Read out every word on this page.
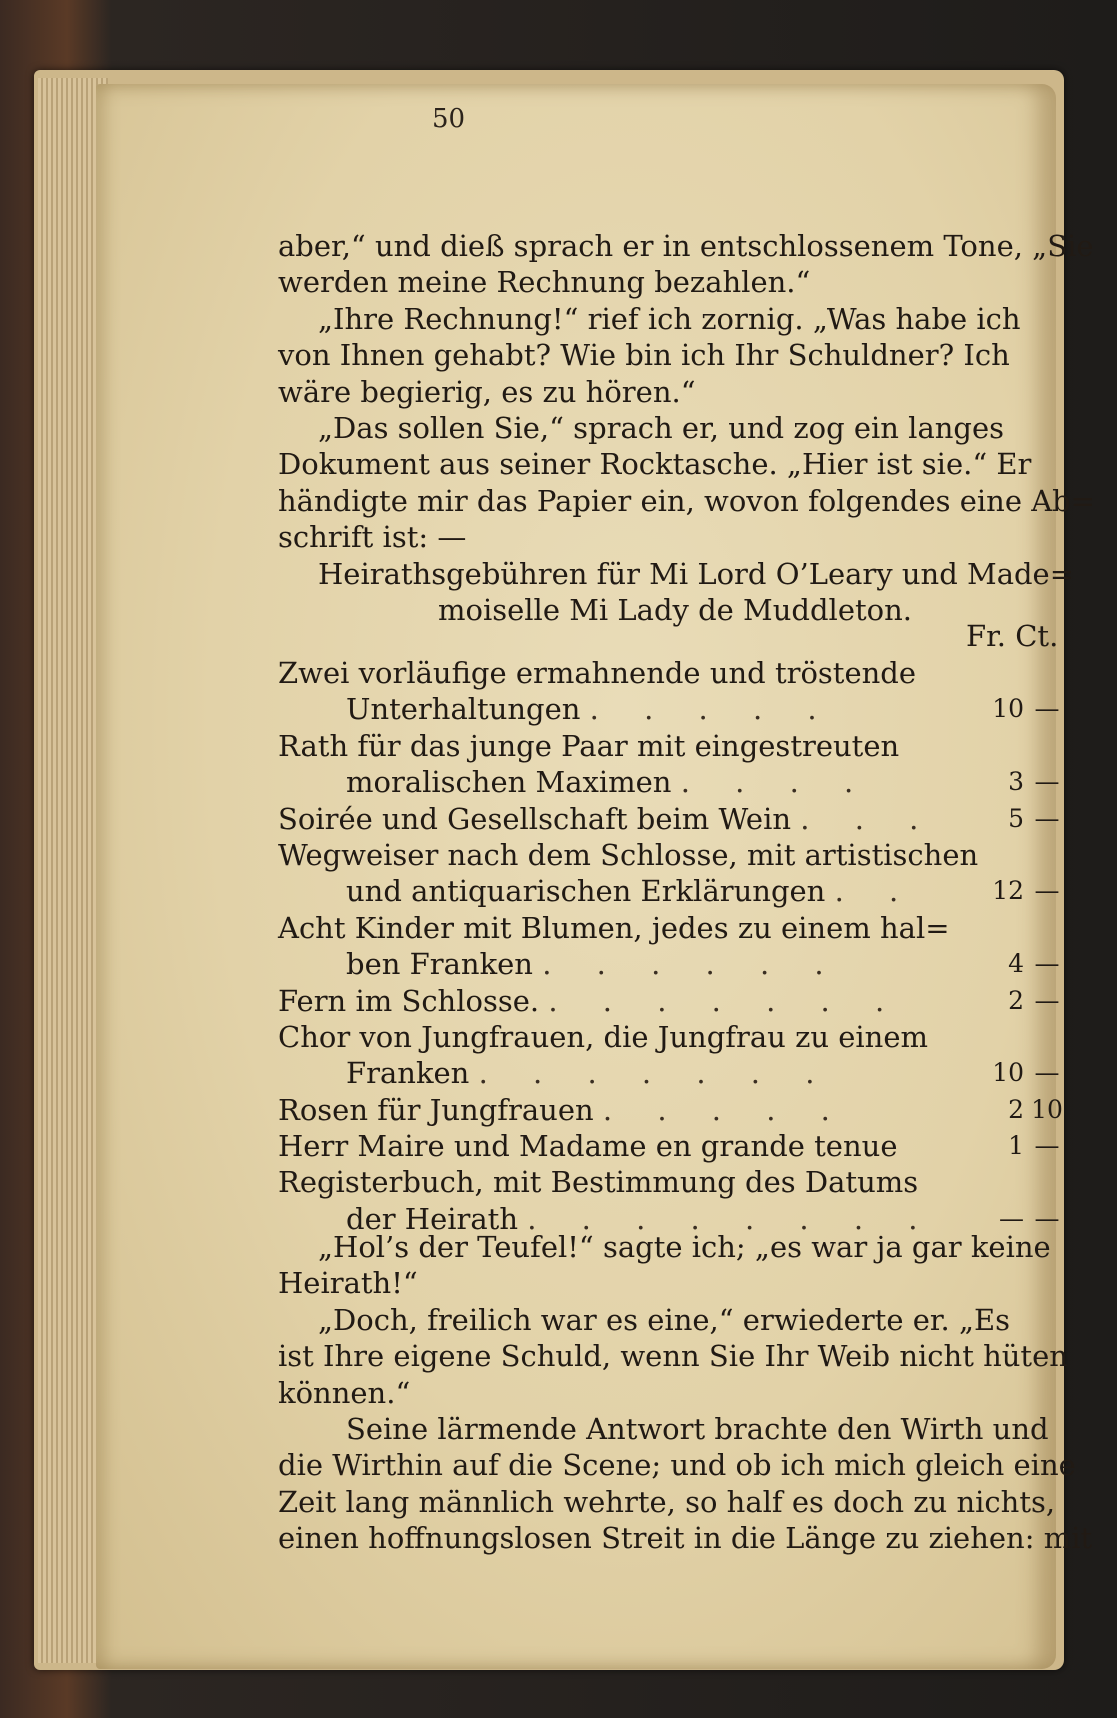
50
aber,“ und dieß sprach er in entschlossenem Tone, „Sie
werden meine Rechnung bezahlen.“
„Ihre Rechnung!“ rief ich zornig. „Was habe ich
von Ihnen gehabt? Wie bin ich Ihr Schuldner? Ich
wäre begierig, es zu hören.“
„Das sollen Sie,“ sprach er, und zog ein langes
Dokument aus seiner Rocktasche. „Hier ist sie.“ Er
händigte mir das Papier ein, wovon folgendes eine Ab=
schrift ist: —
Heirathsgebühren für Mi Lord O’Leary und Made=
moiselle Mi Lady de Muddleton.
Fr. Ct.
Zwei vorläufige ermahnende und tröstende
Unterhaltungen . . . . .	10 —
Rath für das junge Paar mit eingestreuten
moralischen Maximen . . . .	3 —
Soirée und Gesellschaft beim Wein . . .	5 —
Wegweiser nach dem Schlosse, mit artistischen
und antiquarischen Erklärungen . .	12 —
Acht Kinder mit Blumen, jedes zu einem hal=
ben Franken . . . . . .	4 —
Fern im Schlosse. . . . . . . .	2 —
Chor von Jungfrauen, die Jungfrau zu einem
Franken . . . . . . .	10 —
Rosen für Jungfrauen . . . . .	2 10
Herr Maire und Madame en grande tenue	1 —
Registerbuch, mit Bestimmung des Datums
der Heirath . . . . . . . .	— —
„Hol’s der Teufel!“ sagte ich; „es war ja gar keine
Heirath!“
„Doch, freilich war es eine,“ erwiederte er. „Es
ist Ihre eigene Schuld, wenn Sie Ihr Weib nicht hüten
können.“
Seine lärmende Antwort brachte den Wirth und
die Wirthin auf die Scene; und ob ich mich gleich eine
Zeit lang männlich wehrte, so half es doch zu nichts,
einen hoffnungslosen Streit in die Länge zu ziehen: mit
